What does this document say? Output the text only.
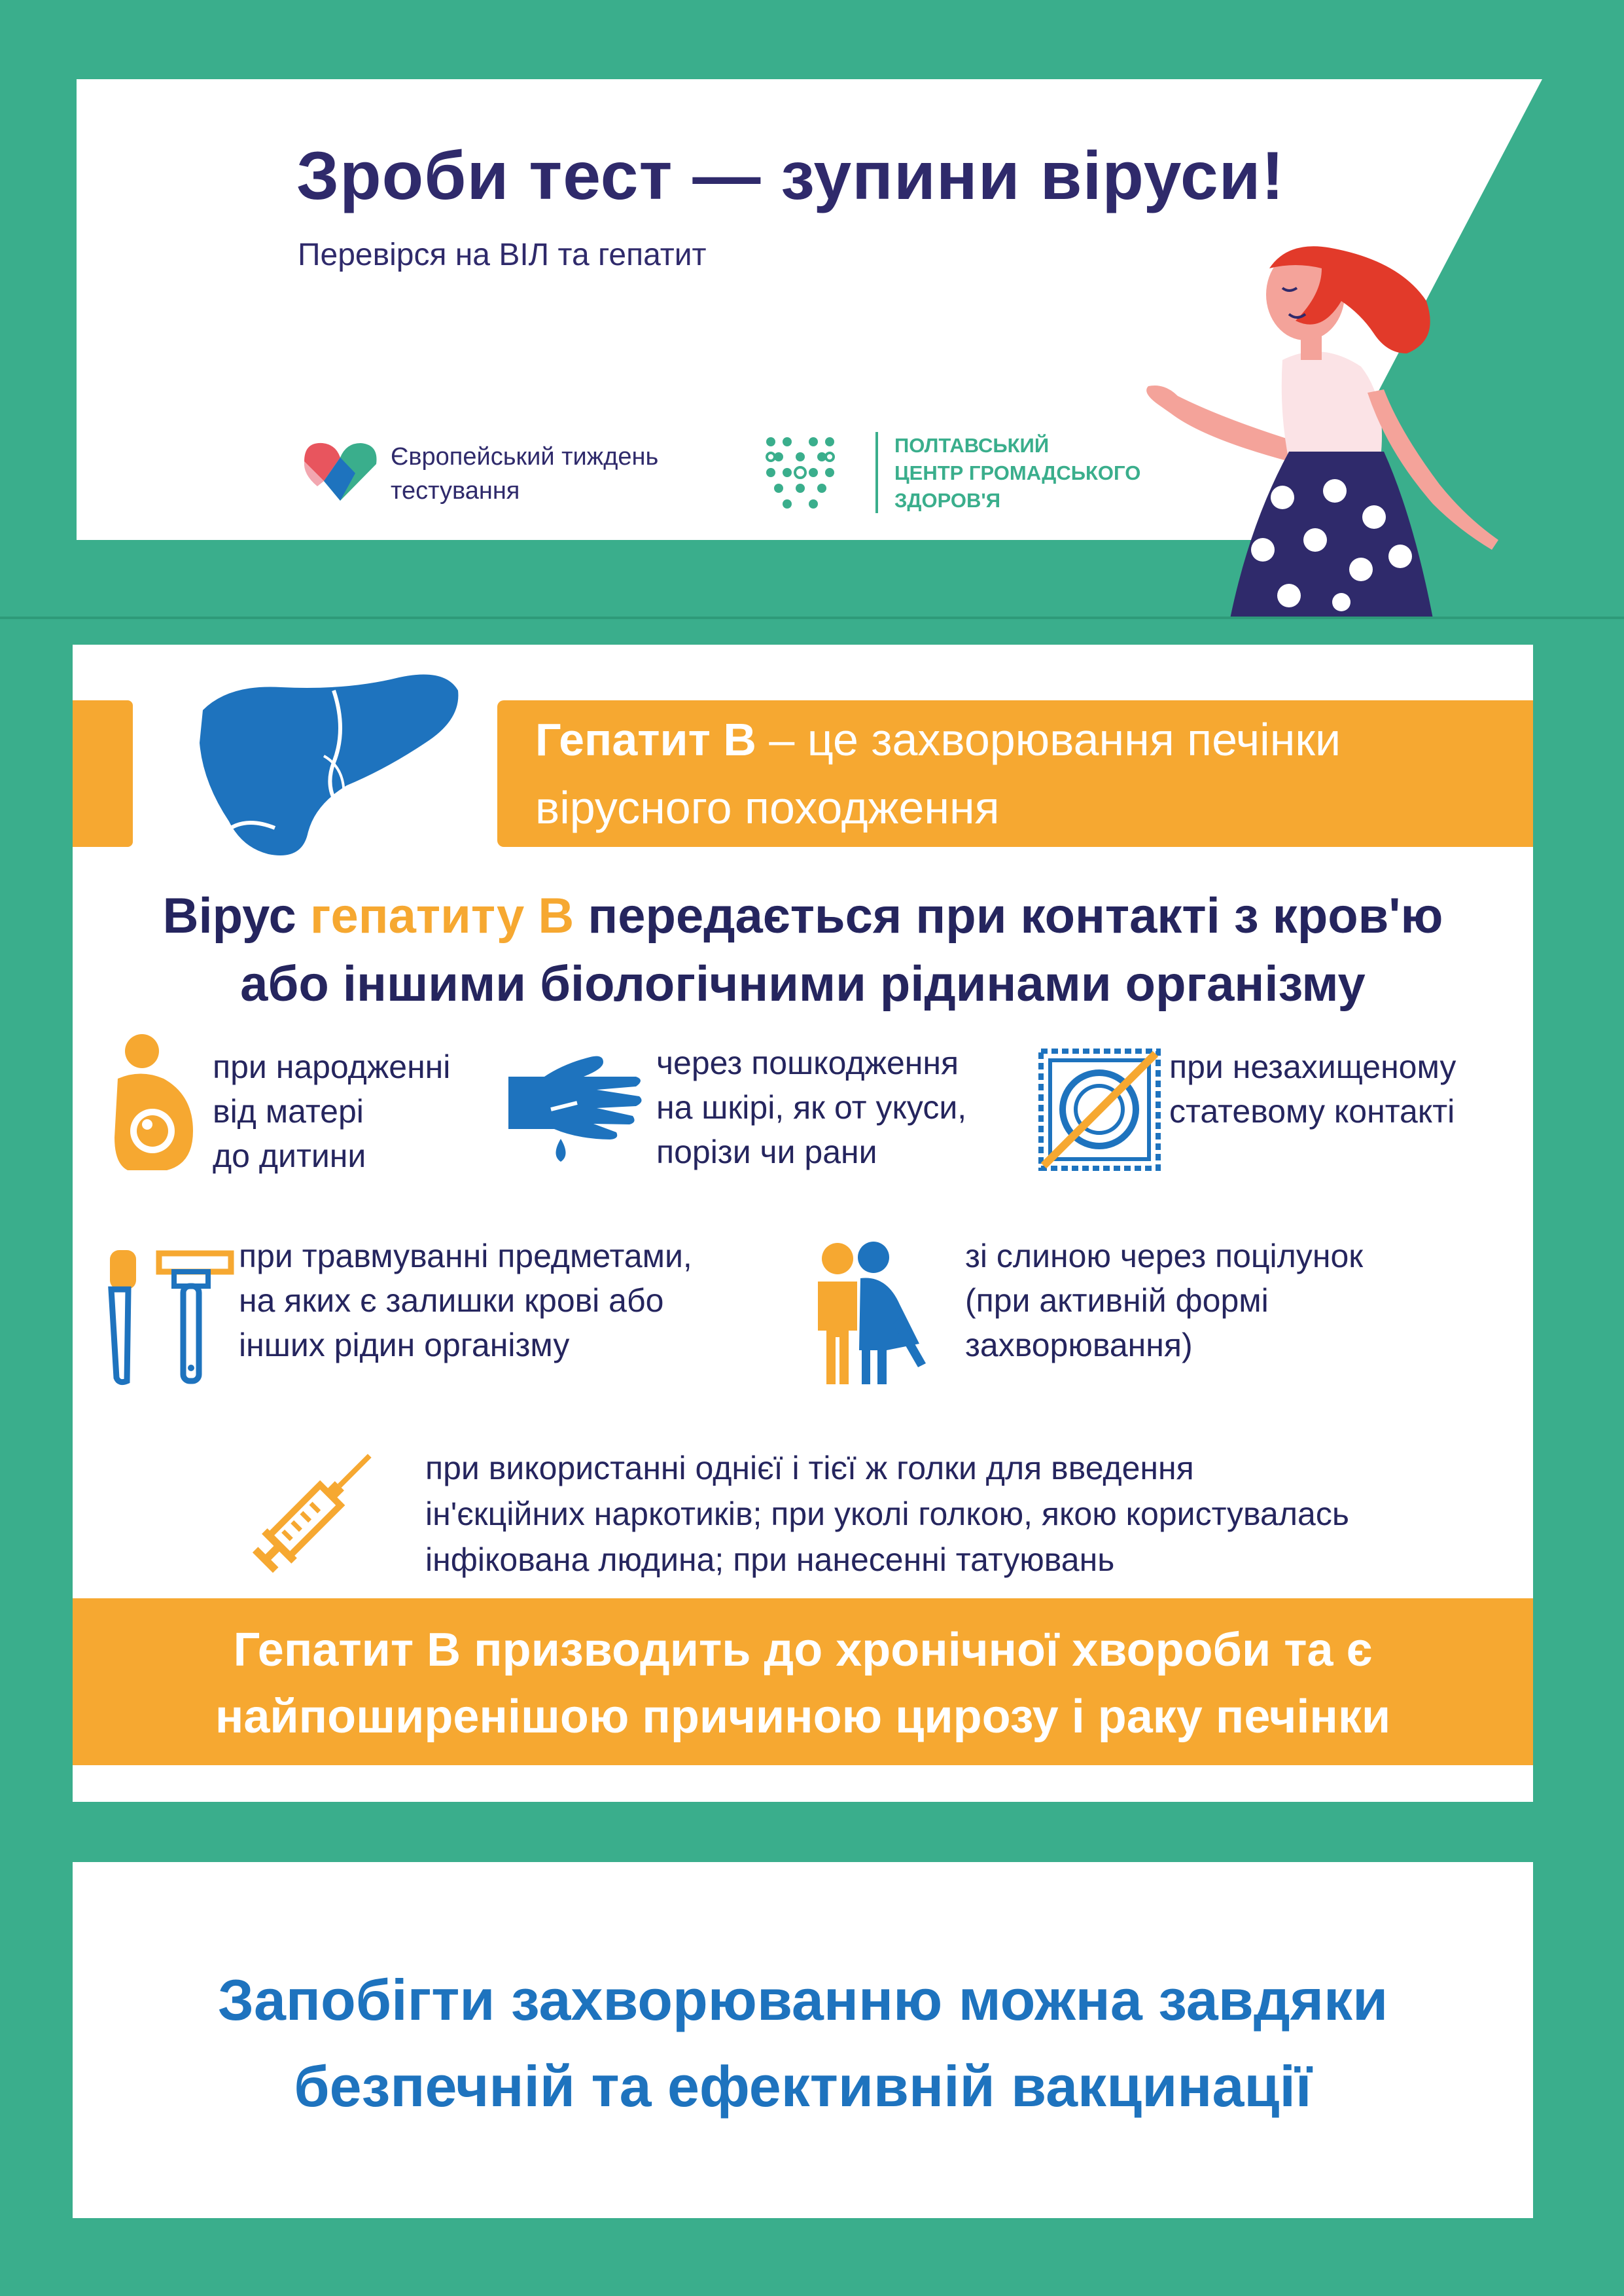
Зроби тест — зупини віруси!
Перевірся на ВІЛ та гепатит
Європейський тиждень
тестування
ПОЛТАВСЬКИЙ
ЦЕНТР ГРОМАДСЬКОГО
ЗДОРОВ'Я
Гепатит В – це захворювання печінки
вірусного походження
Вірус гепатиту В передається при контакті з кров'ю
або іншими біологічними рідинами організму
при народженні
від матері
до дитини
через пошкодження
на шкірі, як от укуси,
порізи чи рани
при незахищеному
статевому контакті
при травмуванні предметами,
на яких є залишки крові або
інших рідин організму
зі слиною через поцілунок
(при активній формі
захворювання)
при використанні однієї і тієї ж голки для введення
ін'єкційних наркотиків; при уколі голкою, якою користувалась
інфікована людина; при нанесенні татуювань
Гепатит В призводить до хронічної хвороби та є
найпоширенішою причиною цирозу і раку печінки
Запобігти захворюванню можна завдяки
безпечній та ефективній вакцинації
